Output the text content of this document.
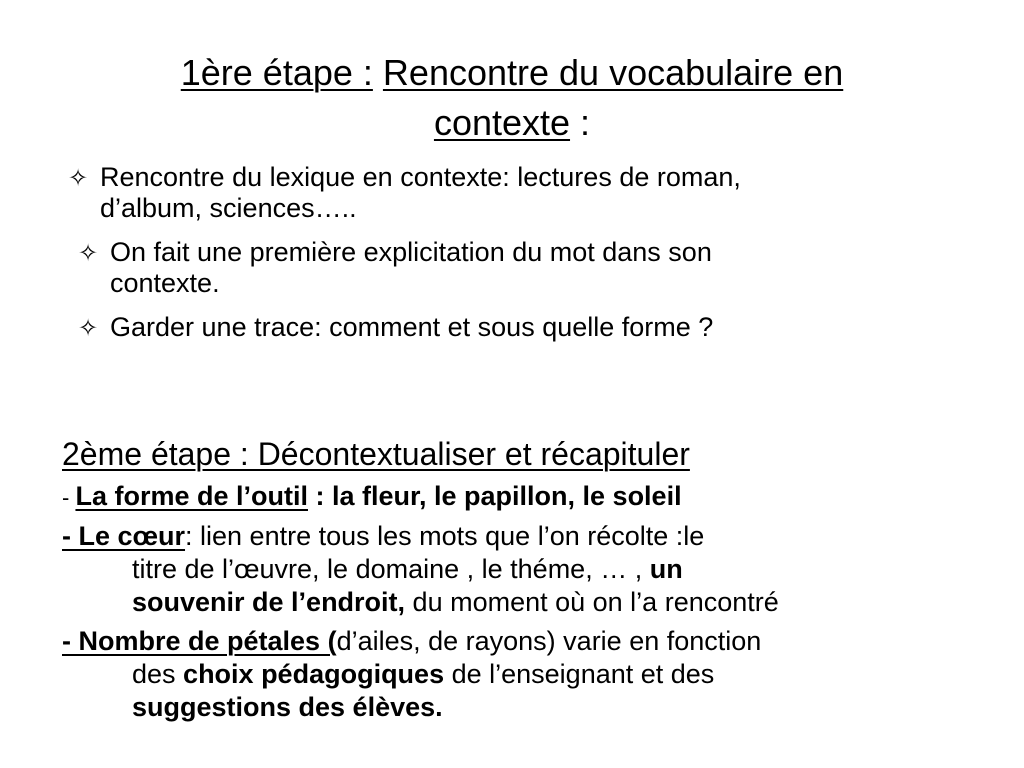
1ère étape : Rencontre du vocabulaire en
contexte :
✧ Rencontre du lexique en contexte: lectures de roman,
d’album, sciences…..
✧ On fait une première explicitation du mot dans son
contexte.
✧ Garder une trace: comment et sous quelle forme ?
2ème étape : Décontextualiser et récapituler
- La forme de l’outil : la fleur, le papillon, le soleil
- Le cœur: lien entre tous les mots que l’on récolte :le
titre de l’œuvre, le domaine , le théme, … , un
souvenir de l’endroit, du moment où on l’a rencontré
- Nombre de pétales (d’ailes, de rayons) varie en fonction
des choix pédagogiques de l’enseignant et des
suggestions des élèves.
